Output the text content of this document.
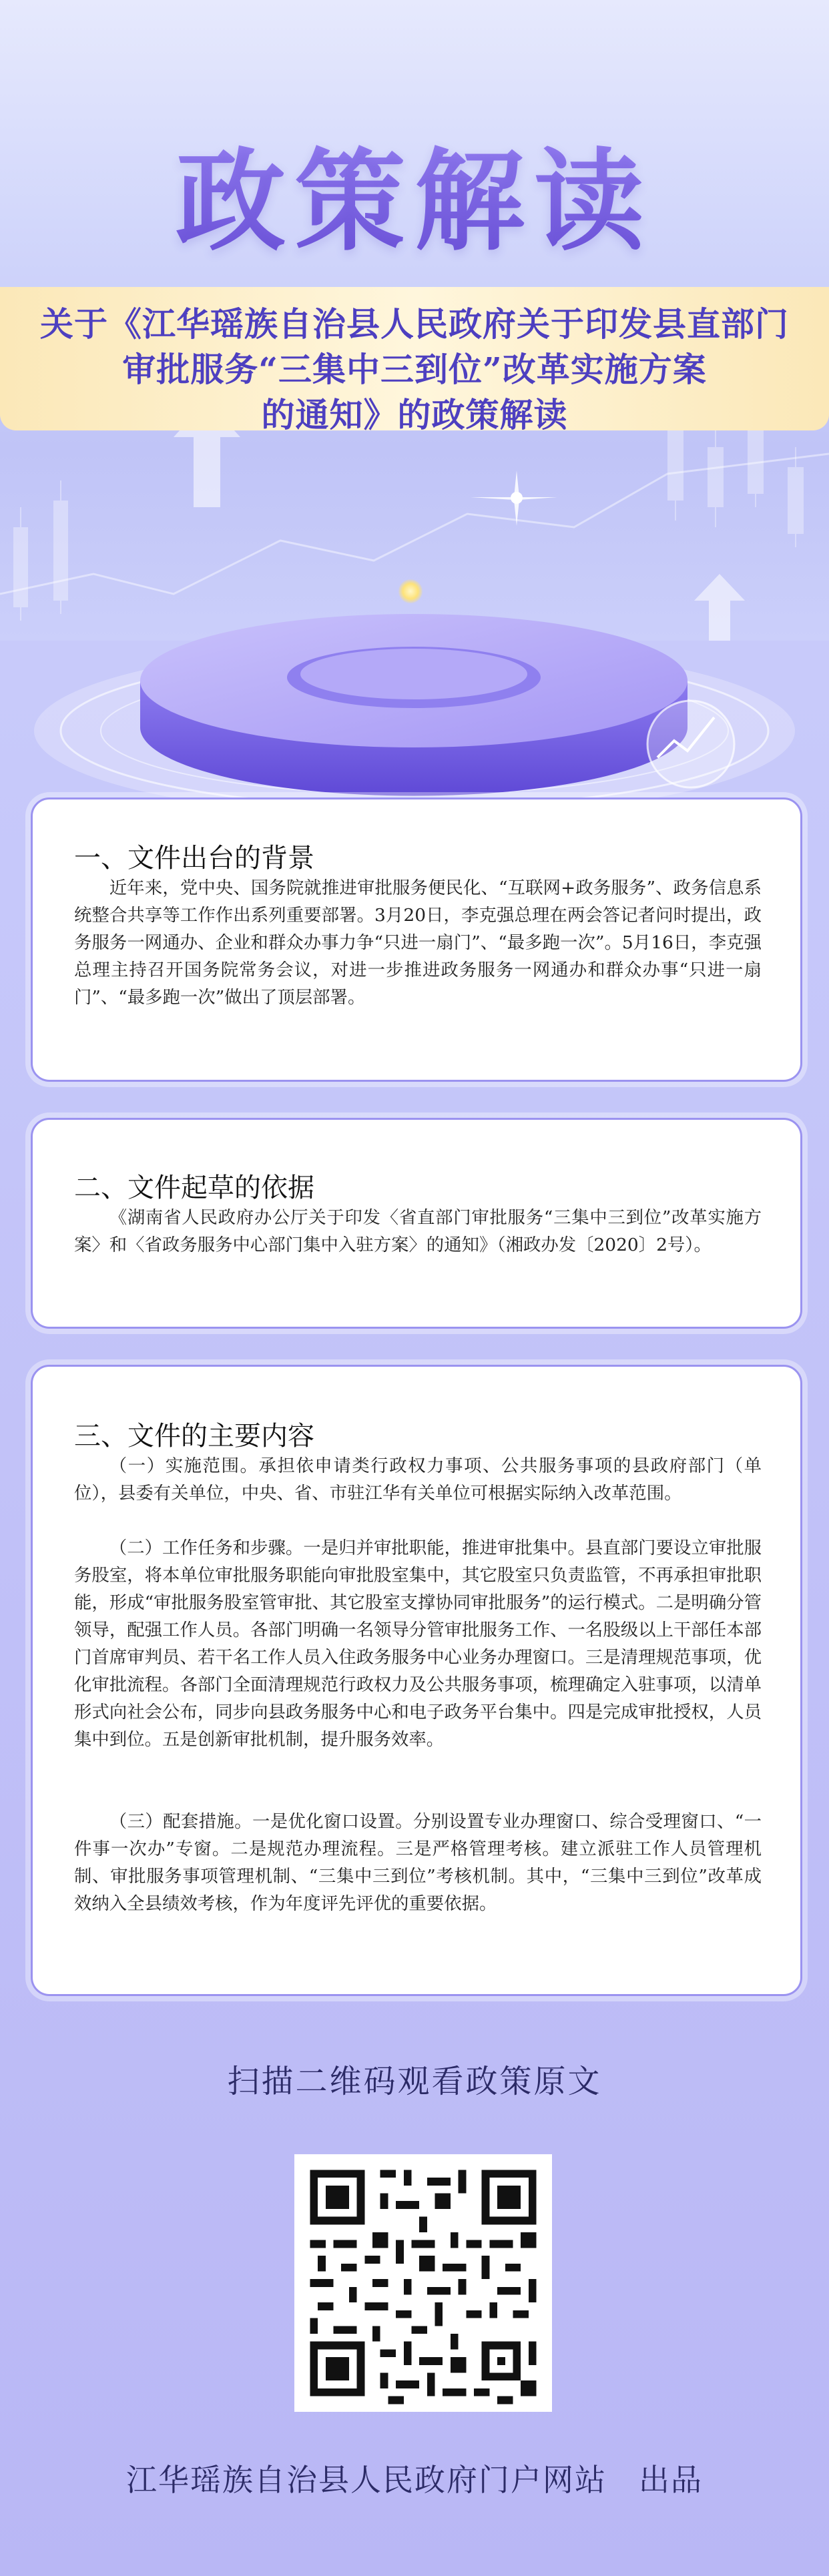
政策解读
关于《江华瑶族自治县人民政府关于印发县直部门
审批服务“三集中三到位”改革实施方案
的通知》的政策解读
一、文件出台的背景

近年来，党中央、国务院就推进审批服务便民化、“互联网+政务服务”、政务信息系统整合共享等工作作出系列重要部署。3月20日，李克强总理在两会答记者问时提出，政务服务一网通办、企业和群众办事力争“只进一扇门”、“最多跑一次”。5月16日，李克强总理主持召开国务院常务会议，对进一步推进政务服务一网通办和群众办事“只进一扇门”、“最多跑一次”做出了顶层部署。

二、文件起草的依据

《湖南省人民政府办公厅关于印发〈省直部门审批服务“三集中三到位”改革实施方案〉和〈省政务服务中心部门集中入驻方案〉的通知》（湘政办发〔2020〕2号）。

三、文件的主要内容

（一）实施范围。承担依申请类行政权力事项、公共服务事项的县政府部门（单位），县委有关单位，中央、省、市驻江华有关单位可根据实际纳入改革范围。

（二）工作任务和步骤。一是归并审批职能，推进审批集中。县直部门要设立审批服务股室，将本单位审批服务职能向审批股室集中，其它股室只负责监管，不再承担审批职能，形成“审批服务股室管审批、其它股室支撑协同审批服务”的运行模式。二是明确分管领导，配强工作人员。各部门明确一名领导分管审批服务工作、一名股级以上干部任本部门首席审判员、若干名工作人员入住政务服务中心业务办理窗口。三是清理规范事项，优化审批流程。各部门全面清理规范行政权力及公共服务事项，梳理确定入驻事项，以清单形式向社会公布，同步向县政务服务中心和电子政务平台集中。四是完成审批授权，人员集中到位。五是创新审批机制，提升服务效率。

（三）配套措施。一是优化窗口设置。分别设置专业办理窗口、综合受理窗口、“一件事一次办”专窗。二是规范办理流程。三是严格管理考核。建立派驻工作人员管理机制、审批服务事项管理机制、“三集中三到位”考核机制。其中，“三集中三到位”改革成效纳入全县绩效考核，作为年度评先评优的重要依据。

扫描二维码观看政策原文
江华瑶族自治县人民政府门户网站　出品
